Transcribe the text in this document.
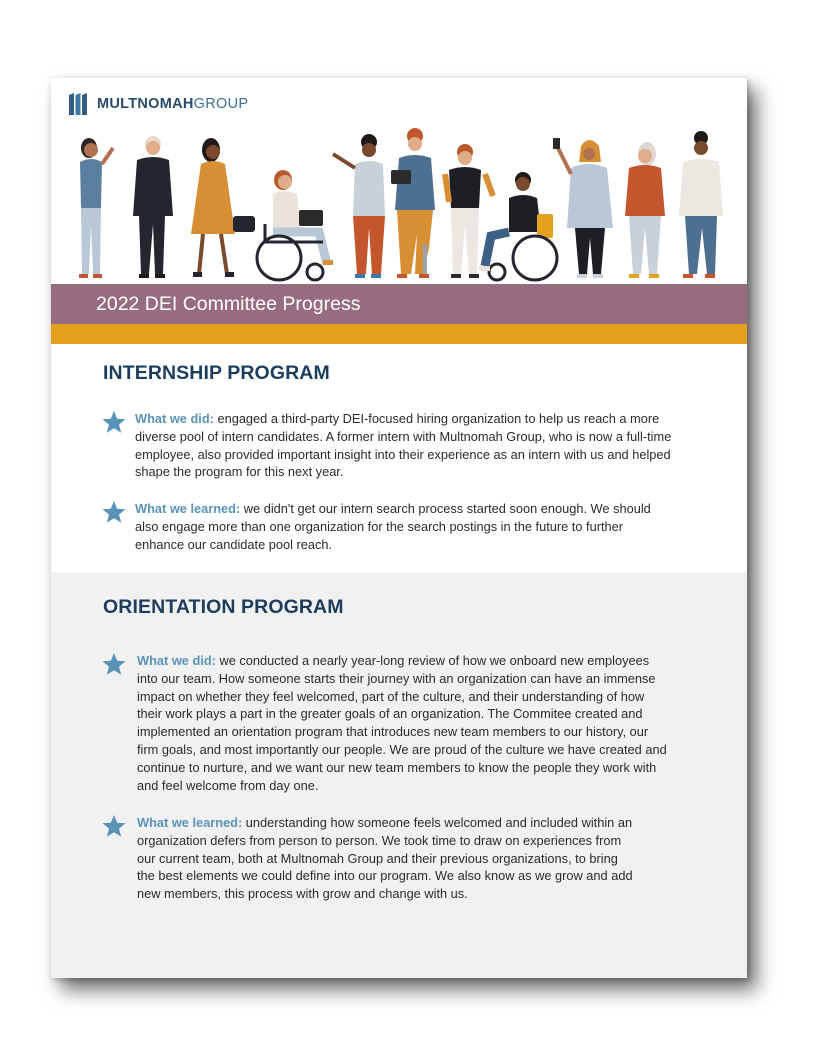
MULTNOMAHGROUP
2022 DEI Committee Progress
INTERNSHIP PROGRAM
What we did: engaged a third-party DEI-focused hiring organization to help us reach a more diverse pool of intern candidates. A former intern with Multnomah Group, who is now a full-time employee, also provided important insight into their experience as an intern with us and helped shape the program for this next year.
What we learned: we didn't get our intern search process started soon enough. We should also engage more than one organization for the search postings in the future to further enhance our candidate pool reach.
ORIENTATION PROGRAM
What we did: we conducted a nearly year-long review of how we onboard new employees into our team. How someone starts their journey with an organization can have an immense impact on whether they feel welcomed, part of the culture, and their understanding of how their work plays a part in the greater goals of an organization. The Commitee created and implemented an orientation program that introduces new team members to our history, our firm goals, and most importantly our people. We are proud of the culture we have created and continue to nurture, and we want our new team members to know the people they work with and feel welcome from day one.
What we learned: understanding how someone feels welcomed and included within an organization defers from person to person. We took time to draw on experiences from our current team, both at Multnomah Group and their previous organizations, to bring the best elements we could define into our program. We also know as we grow and add new members, this process with grow and change with us.
